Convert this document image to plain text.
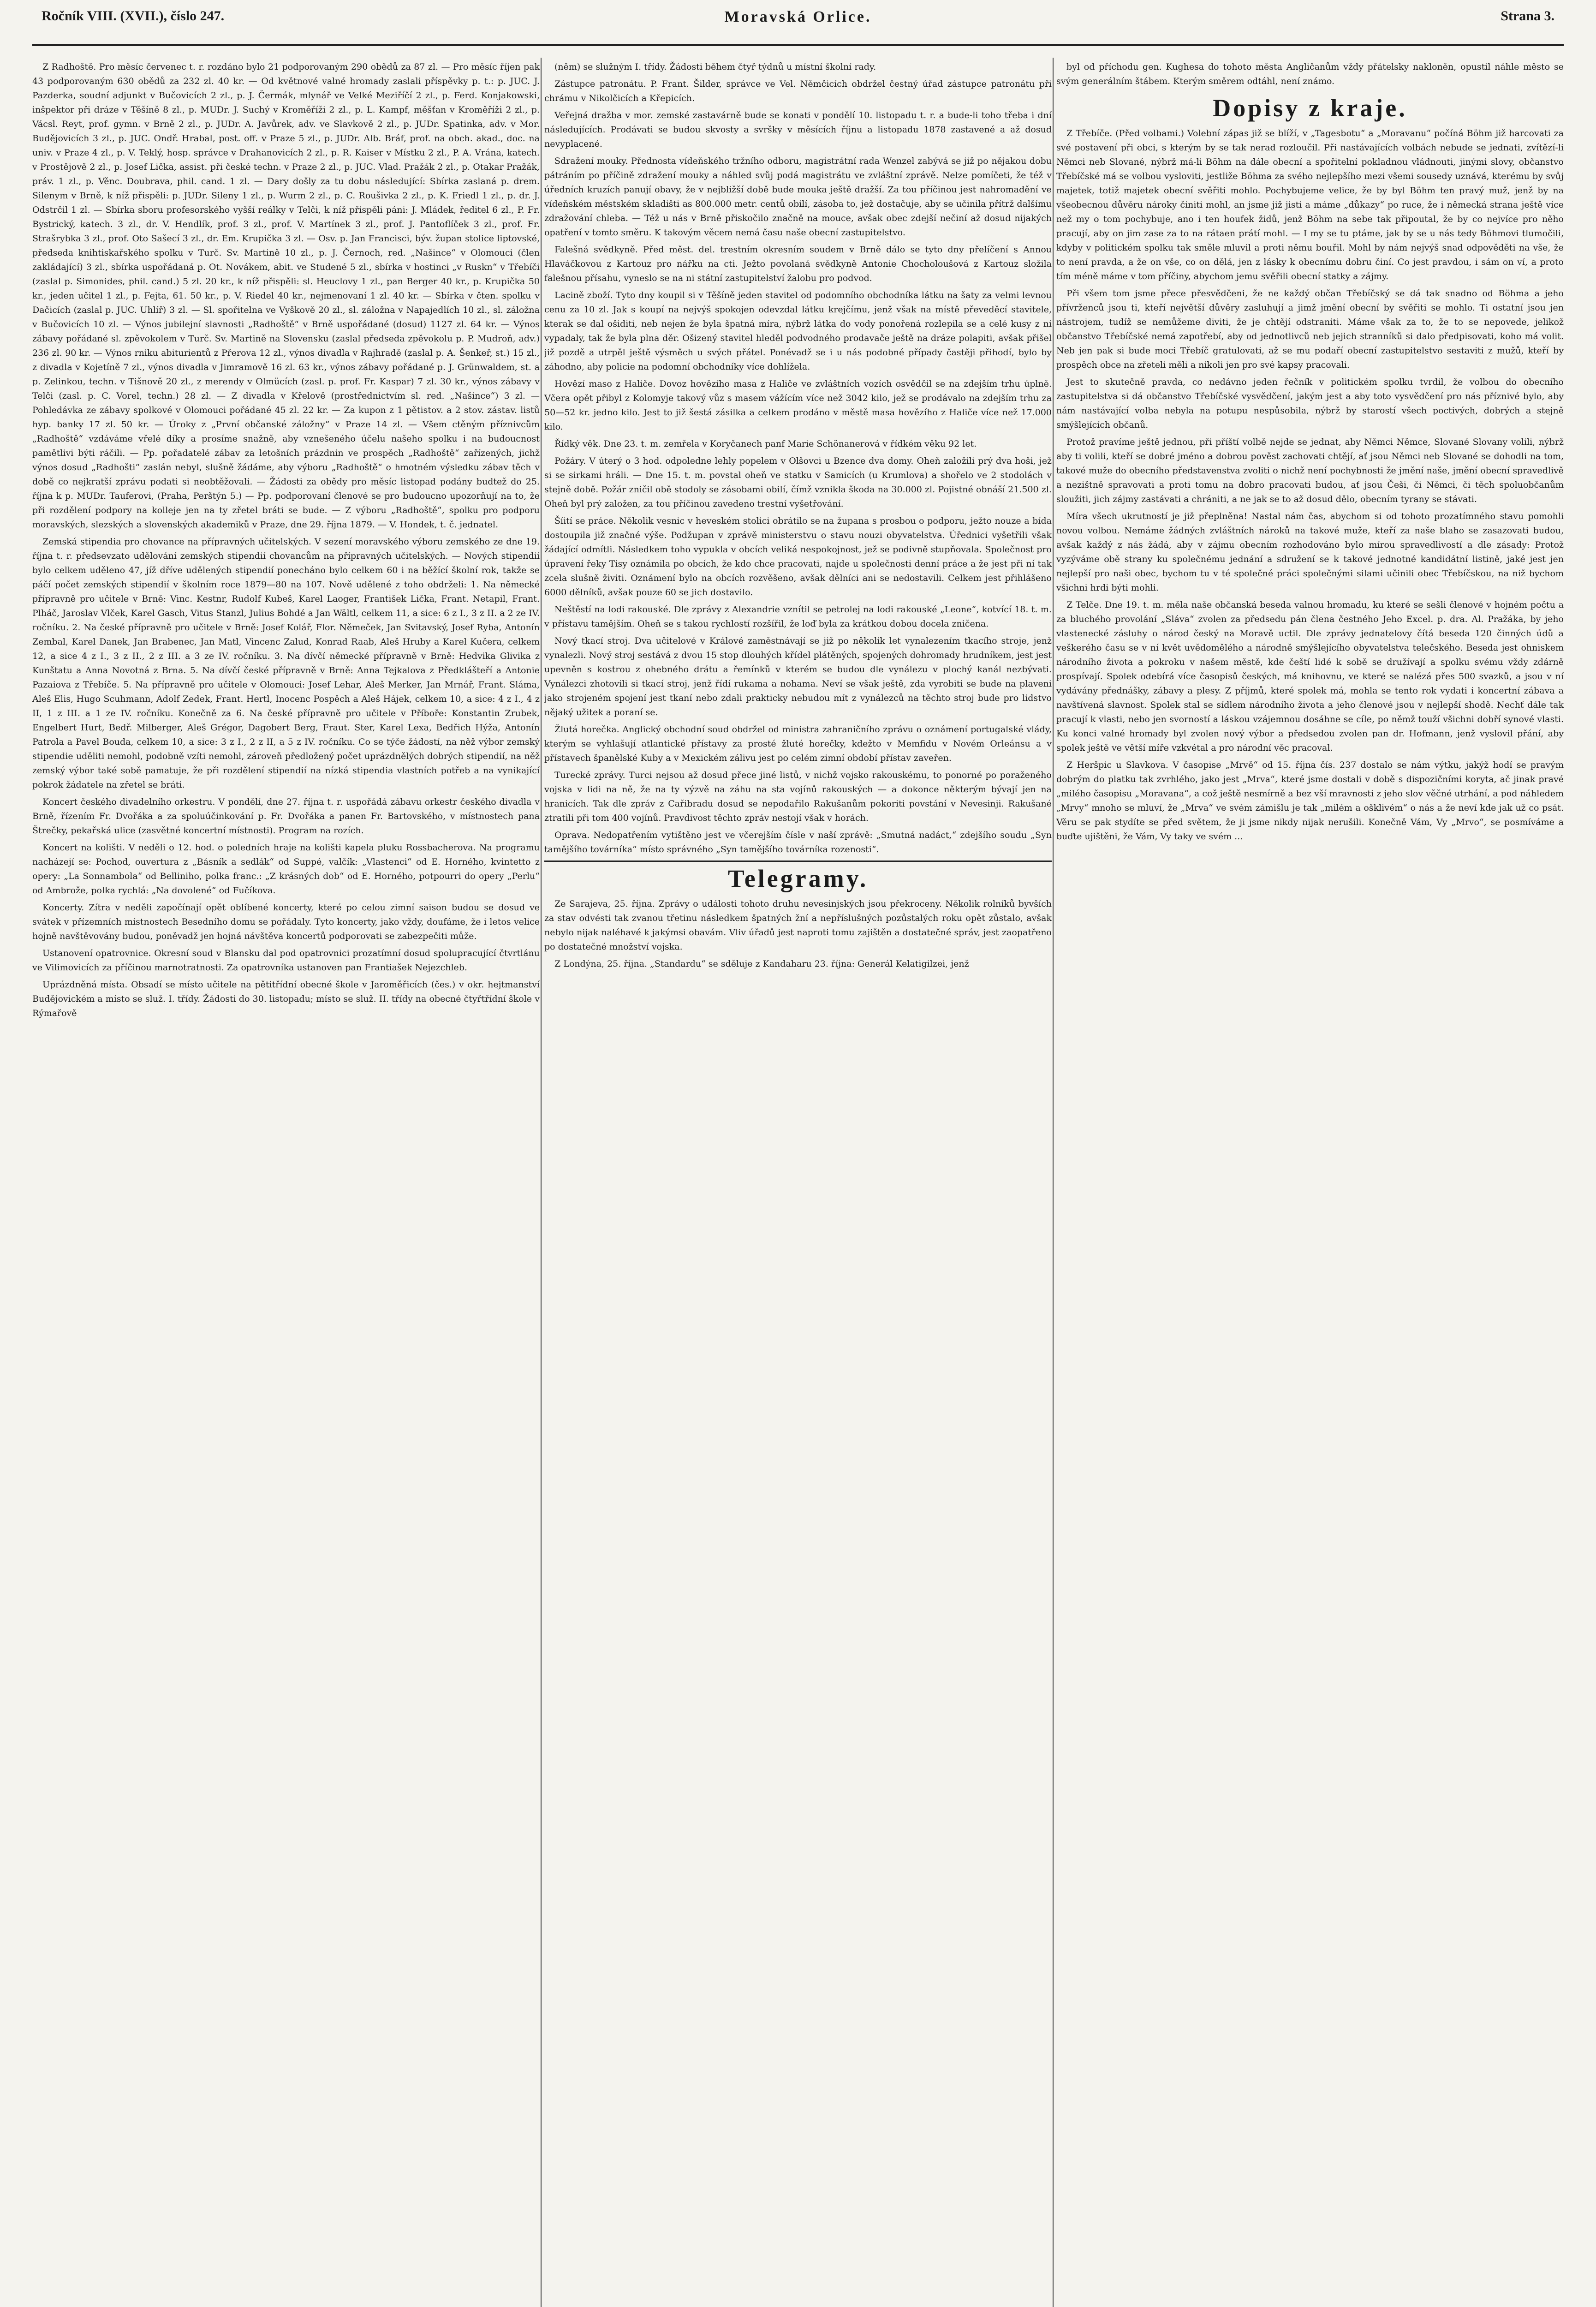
Ročník VIII. (XVII.), číslo 247.	Moravská Orlice.	Strana 3.

Z Radhoště. Pro měsíc červenec t. r. rozdáno bylo 21 podporovaným 290 obědů za 87 zl. — Pro měsíc říjen pak 43 podporovaným 630 obědů za 232 zl. 40 kr. — Od květnové valné hromady zaslali příspěvky p. t.: p. JUC. J. Pazderka, soudní adjunkt v Bučovicích 2 zl., p. J. Čermák, mlynář ve Velké Meziříčí 2 zl., p. Ferd. Konjakowski, inšpektor při dráze v Těšíně 8 zl., p. MUDr. J. Suchý v Kroměříži 2 zl., p. L. Kampf, měšťan v Kroměříži 2 zl., p. Vácsl. Reyt, prof. gymn. v Brně 2 zl., p. JUDr. A. Javůrek, adv. ve Slavkově 2 zl., p. JUDr. Spatinka, adv. v Mor. Budějovicích 3 zl., p. JUC. Ondř. Hrabal, post. off. v Praze 5 zl., p. JUDr. Alb. Bráf, prof. na obch. akad., doc. na univ. v Praze 4 zl., p. V. Teklý, hosp. správce v Drahanovicích 2 zl., p. R. Kaiser v Místku 2 zl., P. A. Vrána, katech. v Prostějově 2 zl., p. Josef Lička, assist. při české techn. v Praze 2 zl., p. JUC. Vlad. Pražák 2 zl., p. Otakar Pražák, práv. 1 zl., p. Věnc. Doubrava, phil. cand. 1 zl. — Dary došly za tu dobu následující: Sbírka zaslaná p. drem. Silenym v Brně, k níž přispěli: p. JUDr. Sileny 1 zl., p. Wurm 2 zl., p. C. Roušivka 2 zl., p. K. Friedl 1 zl., p. dr. J. Odstrčil 1 zl. — Sbírka sboru profesorského vyšší reálky v Telči, k níž přispěli páni: J. Mládek, ředitel 6 zl., P. Fr. Bystrický, katech. 3 zl., dr. V. Hendlík, prof. 3 zl., prof. V. Martínek 3 zl., prof. J. Pantoflíček 3 zl., prof. Fr. Strašrybka 3 zl., prof. Oto Sašecí 3 zl., dr. Em. Krupička 3 zl. — Osv. p. Jan Francisci, býv. župan stolice liptovské, předseda knihtiskařského spolku v Turč. Sv. Martině 10 zl., p. J. Černoch, red. „Našince“ v Olomouci (člen zakládající) 3 zl., sbírka uspořádaná p. Ot. Novákem, abit. ve Studené 5 zl., sbírka v hostinci „v Ruskn“ v Třebíči (zaslal p. Simonides, phil. cand.) 5 zl. 20 kr., k níž přispěli: sl. Heuclovy 1 zl., pan Berger 40 kr., p. Krupička 50 kr., jeden učitel 1 zl., p. Fejta, 61. 50 kr., p. V. Riedel 40 kr., nejmenovaní 1 zl. 40 kr. — Sbírka v čten. spolku v Dačicích (zaslal p. JUC. Uhlíř) 3 zl. — Sl. spořitelna ve Vyškově 20 zl., sl. záložna v Napajedlích 10 zl., sl. záložna v Bučovicích 10 zl. — Výnos jubilejní slavnosti „Radhoště“ v Brně uspořádané (dosud) 1127 zl. 64 kr. — Výnos zábavy pořádané sl. zpěvokolem v Turč. Sv. Martině na Slovensku (zaslal předseda zpěvokolu p. P. Mudroň, adv.) 236 zl. 90 kr. — Výnos rniku abiturientů z Přerova 12 zl., výnos divadla v Rajhradě (zaslal p. A. Šenkeř, st.) 15 zl., z divadla v Kojetíně 7 zl., výnos divadla v Jimramově 16 zl. 63 kr., výnos zábavy pořádané p. J. Grünwaldem, st. a p. Zelinkou, techn. v Tišnově 20 zl., z merendy v Olmücích (zasl. p. prof. Fr. Kaspar) 7 zl. 30 kr., výnos zábavy v Telči (zasl. p. C. Vorel, techn.) 28 zl. — Z divadla v Křelově (prostřednictvím sl. red. „Našince“) 3 zl. — Pohledávka ze zábavy spolkové v Olomouci pořádané 45 zl. 22 kr. — Za kupon z 1 pětistov. a 2 stov. zástav. listů hyp. banky 17 zl. 50 kr. — Úroky z „První občanské záložny“ v Praze 14 zl. — Všem ctěným příznivcům „Radhoště“ vzdáváme vřelé díky a prosíme snažně, aby vznešeného účelu našeho spolku i na budoucnost pamětlivi býti ráčili. — Pp. pořadatelé zábav za letošních prázdnin ve prospěch „Radhoště“ zařízených, jichž výnos dosud „Radhošti“ zaslán nebyl, slušně žádáme, aby výboru „Radhoště“ o hmotném výsledku zábav těch v době co nejkratší zprávu podati si neobtěžovali. — Žádosti za obědy pro měsíc listopad podány budtež do 25. října k p. MUDr. Tauferovi, (Praha, Perštýn 5.) — Pp. podporovaní členové se pro budoucno upozorňují na to, že při rozdělení podpory na kolleje jen na ty zřetel bráti se bude. — Z výboru „Radhoště“, spolku pro podporu moravských, slezských a slovenských akademiků v Praze, dne 29. října 1879. — V. Hondek, t. č. jednatel.

Zemská stipendia pro chovance na přípravných učitelských. V sezení moravského výboru zemského ze dne 19. října t. r. předsevzato udělování zemských stipendií chovancům na přípravných učitelských. — Nových stipendií bylo celkem uděleno 47, jíž dříve udělených stipendií ponecháno bylo celkem 60 i na běžící školní rok, takže se páčí počet zemských stipendií v školním roce 1879—80 na 107. Nově udělené z toho obdrželi: 1. Na německé přípravně pro učitele v Brně: Vinc. Kestnr, Rudolf Kubeš, Karel Laoger, František Lička, Frant. Netapil, Frant. Plháč, Jaroslav Vlček, Karel Gasch, Vitus Stanzl, Julius Bohdé a Jan Wältl, celkem 11, a sice: 6 z I., 3 z II. a 2 ze IV. ročníku. 2. Na české přípravně pro učitele v Brně: Josef Kolář, Flor. Němeček, Jan Svitavský, Josef Ryba, Antonín Zembal, Karel Danek, Jan Brabenec, Jan Matl, Vincenc Zalud, Konrad Raab, Aleš Hruby a Karel Kučera, celkem 12, a sice 4 z I., 3 z II., 2 z III. a 3 ze IV. ročníku. 3. Na dívčí německé přípravně v Brně: Hedvika Glivika z Kunštatu a Anna Novotná z Brna. 5. Na dívčí české přípravně v Brně: Anna Tejkalova z Předklášteří a Antonie Pazaiova z Třebíče. 5. Na přípravně pro učitele v Olomouci: Josef Lehar, Aleš Merker, Jan Mrnář, Frant. Sláma, Aleš Elis, Hugo Scuhmann, Adolf Zedek, Frant. Hertl, Inocenc Pospěch a Aleš Hájek, celkem 10, a sice: 4 z I., 4 z II, 1 z III. a 1 ze IV. ročníku. Konečně za 6. Na české přípravně pro učitele v Příboře: Konstantin Zrubek, Engelbert Hurt, Bedř. Milberger, Aleš Grégor, Dagobert Berg, Fraut. Ster, Karel Lexa, Bedřich Hýža, Antonín Patrola a Pavel Bouda, celkem 10, a sice: 3 z I., 2 z II, a 5 z IV. ročníku. Co se týče žádostí, na něž výbor zemský stipendie uděliti nemohl, podobně vzíti nemohl, zároveň předložený počet uprázdnělých dobrých stipendií, na něž zemský výbor také sobě pamatuje, že při rozdělení stipendií na nízká stipendia vlastních potřeb a na vynikající pokrok žádatele na zřetel se bráti.

Koncert českého divadelního orkestru. V pondělí, dne 27. října t. r. uspořádá zábavu orkestr českého divadla v Brně, řízením Fr. Dvořáka a za spoluúčinkování p. Fr. Dvořáka a panen Fr. Bartovského, v místnostech pana Štrečky, pekařská ulice (zasvětné koncertní místnosti). Program na rozích.

Koncert na kolišti. V neděli o 12. hod. o poledních hraje na kolišti kapela pluku Rossbacherova. Na programu nacházejí se: Pochod, ouvertura z „Básník a sedlák“ od Suppé, valčík: „Vlastenci“ od E. Horného, kvintetto z opery: „La Sonnambola“ od Belliniho, polka franc.: „Z krásných dob“ od E. Horného, potpourri do opery „Perlu“ od Ambrože, polka rychlá: „Na dovolené“ od Fučíkova.

Koncerty. Zítra v neděli započínají opět oblíbené koncerty, které po celou zimní saison budou se dosud ve svátek v přízemních místnostech Besedního domu se pořádaly. Tyto koncerty, jako vždy, doufáme, že i letos velice hojně navštěvovány budou, poněvadž jen hojná návštěva koncertů podporovati se zabezpečiti může.

Ustanovení opatrovnice. Okresní soud v Blansku dal pod opatrovnici prozatímní dosud spolupracující čtvrtlánu ve Vilimovicích za příčinou marnotratnosti. Za opatrovníka ustanoven pan Frantiašek Nejezchleb.

Uprázdněná místa. Obsadí se místo učitele na pětitřídní obecné škole v Jaroměřicích (čes.) v okr. hejtmanství Budějovickém a místo se služ. I. třídy. Žádosti do 30. listopadu; místo se služ. II. třídy na obecné čtyřtřídní škole v Rýmařově

(něm) se služným I. třídy. Žádosti během čtyř týdnů u místní školní rady.

Zástupce patronátu. P. Frant. Šilder, správce ve Vel. Němčicích obdržel čestný úřad zástupce patronátu při chrámu v Nikolčicích a Křepicích.

Veřejná dražba v mor. zemské zastavárně bude se konati v pondělí 10. listopadu t. r. a bude-li toho třeba i dní následujících. Prodávati se budou skvosty a svršky v měsících říjnu a listopadu 1878 zastavené a až dosud nevyplacené.

Sdražení mouky. Přednosta vídeňského tržního odboru, magistrátní rada Wenzel zabývá se již po nějakou dobu pátráním po příčině zdražení mouky a náhled svůj podá magistrátu ve zvláštní zprávě. Nelze pomíčeti, že též v úředních kruzích panují obavy, že v nejbližší době bude mouka ještě dražší. Za tou příčinou jest nahromadění ve vídeňském městském skladišti as 800.000 metr. centů obilí, zásoba to, jež dostačuje, aby se učinila přítrž dalšímu zdražování chleba. — Též u nás v Brně přiskočilo značně na mouce, avšak obec zdejší nečiní až dosud nijakých opatření v tomto směru. K takovým věcem nemá času naše obecní zastupitelstvo.

Falešná svědkyně. Před měst. del. trestním okresním soudem v Brně dálo se tyto dny přelíčení s Annou Hlaváčkovou z Kartouz pro nářku na cti. Ježto povolaná svědkyně Antonie Chocholoušová z Kartouz složila falešnou přísahu, vyneslo se na ni státní zastupitelství žalobu pro podvod.

Lacině zboží. Tyto dny koupil si v Těšíně jeden stavitel od podomního obchodníka látku na šaty za velmi levnou cenu za 10 zl. Jak s koupí na nejvýš spokojen odevzdal látku krejčímu, jenž však na místě převeděcí stavitele, kterak se dal ošiditi, neb nejen že byla špatná míra, nýbrž látka do vody ponořená rozlepila se a celé kusy z ní vypadaly, tak že byla plna děr. Ošizený stavitel hleděl podvodného prodavače ještě na dráze polapiti, avšak přišel již pozdě a utrpěl ještě výsměch u svých přátel. Ponévadž se i u nás podobné případy častěji přihodí, bylo by záhodno, aby policie na podomní obchodníky více dohlížela.

Hovězí maso z Haliče. Dovoz hovězího masa z Haliče ve zvláštních vozích osvědčil se na zdejším trhu úplně. Včera opět přibyl z Kolomyje takový vůz s masem vážícím více než 3042 kilo, jež se prodávalo na zdejším trhu za 50—52 kr. jedno kilo. Jest to již šestá zásilka a celkem prodáno v městě masa hovězího z Haliče více než 17.000 kilo.

Řídký věk. Dne 23. t. m. zemřela v Koryčanech panf Marie Schönanerová v řídkém věku 92 let.

Požáry. V úterý o 3 hod. odpoledne lehly popelem v Olšovci u Bzence dva domy. Oheň založili prý dva hoši, jež si se sirkami hráli. — Dne 15. t. m. povstal oheň ve statku v Samicích (u Krumlova) a shořelo ve 2 stodolách v stejně době. Požár zničil obě stodoly se zásobami obilí, čímž vznikla škoda na 30.000 zl. Pojistné obnáší 21.500 zl. Oheň byl prý založen, za tou příčinou zavedeno trestní vyšetřování.

Šíití se práce. Několik vesnic v heveském stolici obrátilo se na župana s prosbou o podporu, ježto nouze a bída dostoupila již značné výše. Podžupan v zprávě ministerstvu o stavu nouzi obyvatelstva. Úřednici vyšetřili však žádající odmítli. Následkem toho vypukla v obcích veliká nespokojnost, jež se podivně stupňovala. Společnost pro úpravení řeky Tisy oznámila po obcích, že kdo chce pracovati, najde u společnosti denní práce a že jest při ní tak zcela slušně živiti. Oznámení bylo na obcích rozvěšeno, avšak dělníci ani se nedostavili. Celkem jest přihlášeno 6000 dělníků, avšak pouze 60 se jich dostavilo.

Neštěstí na lodi rakouské. Dle zprávy z Alexandrie vznítil se petrolej na lodi rakouské „Leone“, kotvící 18. t. m. v přístavu tamějším. Oheň se s takou rychlostí rozšířil, že loď byla za krátkou dobou docela zničena.

Nový tkací stroj. Dva učitelové v Králové zaměstnávají se již po několik let vynalezením tkacího stroje, jenž vynalezli. Nový stroj sestává z dvou 15 stop dlouhých křídel plátěných, spojených dohromady hrudníkem, jest jest upevněn s kostrou z ohebného drátu a řemínků v kterém se budou dle vynálezu v plochý kanál nezbývati. Vynálezci zhotovili si tkací stroj, jenž řídí rukama a nohama. Neví se však ještě, zda vyrobiti se bude na plaveni jako strojeném spojení jest tkaní nebo zdali prakticky nebudou mít z vynálezců na těchto stroj bude pro lidstvo nějaký užitek a poraní se.

Žlutá horečka. Anglický obchodní soud obdržel od ministra zahraničního zprávu o oznámení portugalské vlády, kterým se vyhlašují atlantické přístavy za prosté žluté horečky, kdežto v Memfidu v Novém Orleánsu a v přístavech španělské Kuby a v Mexickém zálivu jest po celém zimní období přístav zaveřen.

Turecké zprávy. Turci nejsou až dosud přece jiné listů, v nichž vojsko rakouskému, to ponorné po poraženého vojska v lidi na ně, že na ty výzvě na záhu na sta vojínů rakouských — a dokonce některým bývají jen na hranicích. Tak dle zpráv z Cařibradu dosud se nepodařilo Rakušanům pokoriti povstání v Nevesinji. Rakušané ztratili při tom 400 vojínů. Pravdivost těchto zpráv nestojí však v horách.

Oprava. Nedopatřením vytištěno jest ve včerejším čísle v naší zprávě: „Smutná nadáct,“ zdejšího soudu „Syn tamějšího továrníka“ místo správného „Syn tamějšího továrníka rozenosti“.

Telegramy.

Ze Sarajeva, 25. října. Zprávy o události tohoto druhu nevesinjských jsou překroceny. Několik rolníků byvších za stav odvésti tak zvanou třetinu následkem špatných žní a nepříslušných pozůstalých roku opět zůstalo, avšak nebylo nijak naléhavé k jakýmsi obavám. Vliv úřadů jest naproti tomu zajištěn a dostatečné správ, jest zaopatřeno po dostatečné množství vojska.

Z Londýna, 25. října. „Standardu“ se sděluje z Kandaharu 23. října: Generál Kelatigilzei, jenž

byl od příchodu gen. Kughesa do tohoto města Angličanům vždy přátelsky nakloněn, opustil náhle město se svým generálním štábem. Kterým směrem odtáhl, není známo.

Dopisy z kraje.

Z Třebíče. (Před volbami.) Volební zápas již se blíží, v „Tagesbotu“ a „Moravanu“ počíná Böhm již harcovati za své postavení při obci, s kterým by se tak nerad rozloučil. Při nastávajících volbách nebude se jednati, zvítězí-li Němci neb Slované, nýbrž má-li Böhm na dále obecní a spořitelní pokladnou vládnouti, jinými slovy, občanstvo Třebíčské má se volbou vysloviti, jestliže Böhma za svého nejlepšího mezi všemi sousedy uznává, kterému by svůj majetek, totiž majetek obecní svěřiti mohlo. Pochybujeme velice, že by byl Böhm ten pravý muž, jenž by na všeobecnou důvěru nároky činiti mohl, an jsme již jisti a máme „důkazy“ po ruce, že i německá strana ještě více než my o tom pochybuje, ano i ten houfek židů, jenž Böhm na sebe tak připoutal, že by co nejvíce pro něho pracují, aby on jim zase za to na rátaen prátí mohl. — I my se tu ptáme, jak by se u nás tedy Böhmovi tlumočili, kdyby v politickém spolku tak směle mluvil a proti němu bouřil. Mohl by nám nejvýš snad odpověděti na vše, že to není pravda, a že on vše, co on dělá, jen z lásky k obecnímu dobru činí. Co jest pravdou, i sám on ví, a proto tím méně máme v tom příčiny, abychom jemu svěřili obecní statky a zájmy.

Při všem tom jsme přece přesvědčeni, že ne každý občan Třebíčský se dá tak snadno od Böhma a jeho přívrženců jsou ti, kteří největší důvěry zasluhují a jimž jmění obecní by svěřiti se mohlo. Ti ostatní jsou jen nástrojem, tudíž se nemůžeme diviti, že je chtějí odstraniti. Máme však za to, že to se nepovede, jelikož občanstvo Třebíčské nemá zapotřebí, aby od jednotlivců neb jejich stranníků si dalo předpisovati, koho má volit. Neb jen pak si bude moci Třebíč gratulovati, až se mu podaří obecní zastupitelstvo sestaviti z mužů, kteří by prospěch obce na zřeteli měli a nikoli jen pro své kapsy pracovali.

Jest to skutečně pravda, co nedávno jeden řečník v politickém spolku tvrdil, že volbou do obecního zastupitelstva si dá občanstvo Třebíčské vysvědčení, jakým jest a aby toto vysvědčení pro nás příznivé bylo, aby nám nastávající volba nebyla na potupu nespůsobila, nýbrž by starostí všech poctivých, dobrých a stejně smýšlejících občanů.

Protož pravíme ještě jednou, při příští volbě nejde se jednat, aby Němci Němce, Slované Slovany volili, nýbrž aby ti volili, kteří se dobré jméno a dobrou pověst zachovati chtějí, ať jsou Němci neb Slované se dohodli na tom, takové muže do obecního představenstva zvoliti o nichž není pochybnosti že jmění naše, jmění obecní spravedlivě a nezištně spravovati a proti tomu na dobro pracovati budou, ať jsou Češi, či Němci, či těch spoluobčanům sloužiti, jich zájmy zastávati a chrániti, a ne jak se to až dosud dělo, obecním tyrany se stávati.

Míra všech ukrutností je již přeplněna! Nastal nám čas, abychom si od tohoto prozatímného stavu pomohli novou volbou. Nemáme žádných zvláštních nároků na takové muže, kteří za naše blaho se zasazovati budou, avšak každý z nás žádá, aby v zájmu obecním rozhodováno bylo mírou spravedlivostí a dle zásady: Protož vyzýváme obě strany ku společnému jednání a sdružení se k takové jednotné kandidátní listině, jaké jest jen nejlepší pro naši obec, bychom tu v té společné práci společnými silami učinili obec Třebíčskou, na niž bychom všichni hrdi býti mohli.

Z Telče. Dne 19. t. m. měla naše občanská beseda valnou hromadu, ku které se sešli členové v hojném počtu a za bluchého provolání „Sláva“ zvolen za předsedu pán člena čestného Jeho Excel. p. dra. Al. Pražáka, by jeho vlastenecké zásluhy o národ český na Moravě uctil. Dle zprávy jednatelovy čítá beseda 120 činných údů a veškerého času se v ní květ uvědomělého a národně smýšlejícího obyvatelstva telečského. Beseda jest ohniskem národního života a pokroku v našem městě, kde čeští lidé k sobě se družívají a spolku svému vždy zdárně prospívají. Spolek odebírá více časopisů českých, má knihovnu, ve které se nalézá přes 500 svazků, a jsou v ní vydávány přednášky, zábavy a plesy. Z příjmů, které spolek má, mohla se tento rok vydati i koncertní zábava a navštívená slavnost. Spolek stal se sídlem národního života a jeho členové jsou v nejlepší shodě. Nechť dále tak pracují k vlasti, nebo jen svorností a láskou vzájemnou dosáhne se cíle, po němž touží všichni dobří synové vlasti. Ku konci valné hromady byl zvolen nový výbor a předsedou zvolen pan dr. Hofmann, jenž vyslovil přání, aby spolek ještě ve větší míře vzkvétal a pro národní věc pracoval.

Z Heršpic u Slavkova. V časopise „Mrvě“ od 15. října čís. 237 dostalo se nám výtku, jakýž hodí se pravým dobrým do platku tak zvrhlého, jako jest „Mrva“, které jsme dostali v době s dispozičními koryta, ač jinak pravé „milého časopisu „Moravana“, a což ještě nesmírně a bez vší mravnosti z jeho slov věčné utrhání, a pod náhledem „Mrvy“ mnoho se mluví, že „Mrva“ ve svém zámišlu je tak „milém a ošklivém“ o nás a že neví kde jak už co psát. Věru se pak stydíte se před světem, že ji jsme nikdy nijak nerušili. Konečně Vám, Vy „Mrvo“, se posmíváme a buďte ujištěni, že Vám, Vy taky ve svém ...
